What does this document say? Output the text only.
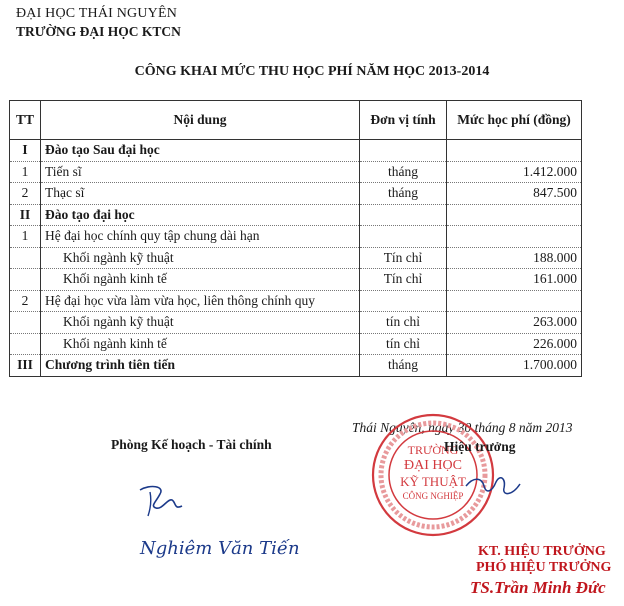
ĐẠI HỌC THÁI NGUYÊN
TRƯỜNG ĐẠI HỌC KTCN
CÔNG KHAI MỨC THU HỌC PHÍ NĂM HỌC 2013-2014
TT	Nội dung	Đơn vị tính	Mức học phí (đồng)
I	Đào tạo Sau đại học		
1	Tiến sĩ	tháng	1.412.000
2	Thạc sĩ	tháng	847.500
II	Đào tạo đại học		
1	Hệ đại học chính quy tập chung dài hạn		
	Khối ngành kỹ thuật	Tín chỉ	188.000
	Khối ngành kinh tế	Tín chỉ	161.000
2	Hệ đại học vừa làm vừa học, liên thông chính quy		
	Khối ngành kỹ thuật	tín chỉ	263.000
	Khối ngành kinh tế	tín chỉ	226.000
III	Chương trình tiên tiến	tháng	1.700.000
Thái Nguyên, ngày 30 tháng 8 năm 2013
Phòng Kế hoạch - Tài chính	TRƯỜNG
ĐẠI HỌC
KỸ THUẬT
CÔNG NGHIỆP
Hiệu trưởng
Nghiêm Văn Tiến	KT. HIỆU TRƯỞNG
PHÓ HIỆU TRƯỞNG
TS.Trần Minh Đức
